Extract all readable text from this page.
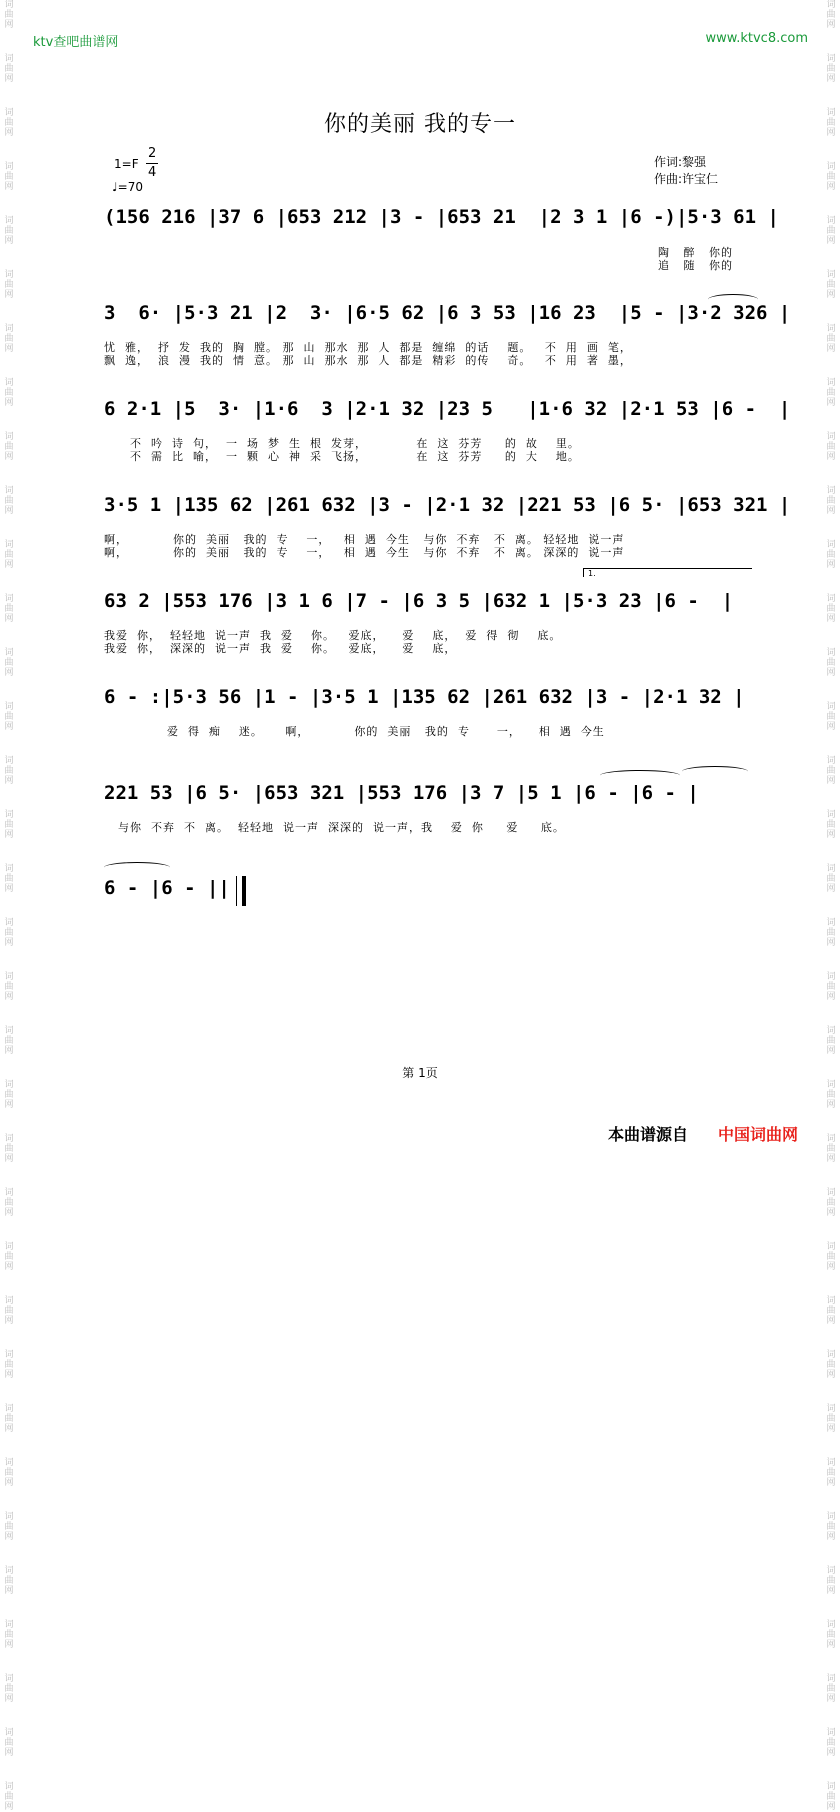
词
曲
网
词
曲
网
词
曲
网
词
曲
网
词
曲
网
词
曲
网
词
曲
网
词
曲
网
词
曲
网
词
曲
网
词
曲
网
词
曲
网
词
曲
网
词
曲
网
词
曲
网
词
曲
网
词
曲
网
词
曲
网
词
曲
网
词
曲
网
词
曲
网
词
曲
网
词
曲
网
词
曲
网
词
曲
网
词
曲
网
词
曲
网
词
曲
网
词
曲
网
词
曲
网
词
曲
网
词
曲
网
词
曲
网
词
曲
网
词
曲
网
词
曲
网
词
曲
网
词
曲
网
词
曲
网
词
曲
网
词
曲
网
词
曲
网
词
曲
网
词
曲
网
词
曲
网
词
曲
网
词
曲
网
词
曲
网
词
曲
网
词
曲
网
词
曲
网
词
曲
网
词
曲
网
词
曲
网
词
曲
网
词
曲
网
词
曲
网
词
曲
网
词
曲
网
词
曲
网
词
曲
网
词
曲
网
词
曲
网
词
曲
网
词
曲
网
词
曲
网
词
曲
网
词
曲
网
ktv查吧曲谱网	www.ktvc8.com
你的美丽 我的专一
1=F
2
4
♩=70
作词:黎强
作曲:许宝仁
(156 216 |37 6 |653 212 |3 - |653 21  |2 3 1 |6 -)|5·3 61 |
3  6· |5·3 21 |2  3· |6·5 62 |6 3 53 |16 23  |5 - |3·2 326 |
6 2·1 |5  3· |1·6  3 |2·1 32 |23 5   |1·6 32 |2·1 53 |6 -  |
3·5 1 |135 62 |261 632 |3 - |2·1 32 |221 53 |6 5· |653 321 |
63 2 |553 176 |3 1 6 |7 - |6 3 5 |632 1 |5·3 23 |6 -  |
6 - :|5·3 56 |1 - |3·5 1 |135 62 |261 632 |3 - |2·1 32 |
221 53 |6 5· |653 321 |553 176 |3 7 |5 1 |6 - |6 - |
6 - |6 - ||
1.
陶   醉   你的
追   随   你的
忧  雅，  抒  发  我的  胸  膛。 那  山  那水  那  人  都是  缠绵  的话    题。   不  用  画  笔，
飘  逸，  浪  漫  我的  情  意。 那  山  那水  那  人  都是  精彩  的传    奇。   不  用  著  墨，
不  吟  诗  句，  一  场  梦  生  根  发芽，           在  这  芬芳     的  故    里。
不  需  比  喻，  一  颗  心  神  采  飞扬，           在  这  芬芳     的  大    地。
啊，          你的  美丽   我的  专    一，   相  遇  今生   与你  不弃   不  离。 轻轻地  说一声
啊，          你的  美丽   我的  专    一，   相  遇  今生   与你  不弃   不  离。 深深的  说一声
我爱  你，  轻轻地  说一声  我  爱    你。   爱底，    爱    底，  爱  得  彻    底。
我爱  你，  深深的  说一声  我  爱    你。   爱底，    爱    底，
爱  得  痴    迷。     啊，          你的  美丽   我的  专      一，    相  遇  今生
与你  不弃  不  离。  轻轻地  说一声  深深的  说一声，我    爱  你     爱     底。
第 1页
本曲谱源自 中国词曲网
